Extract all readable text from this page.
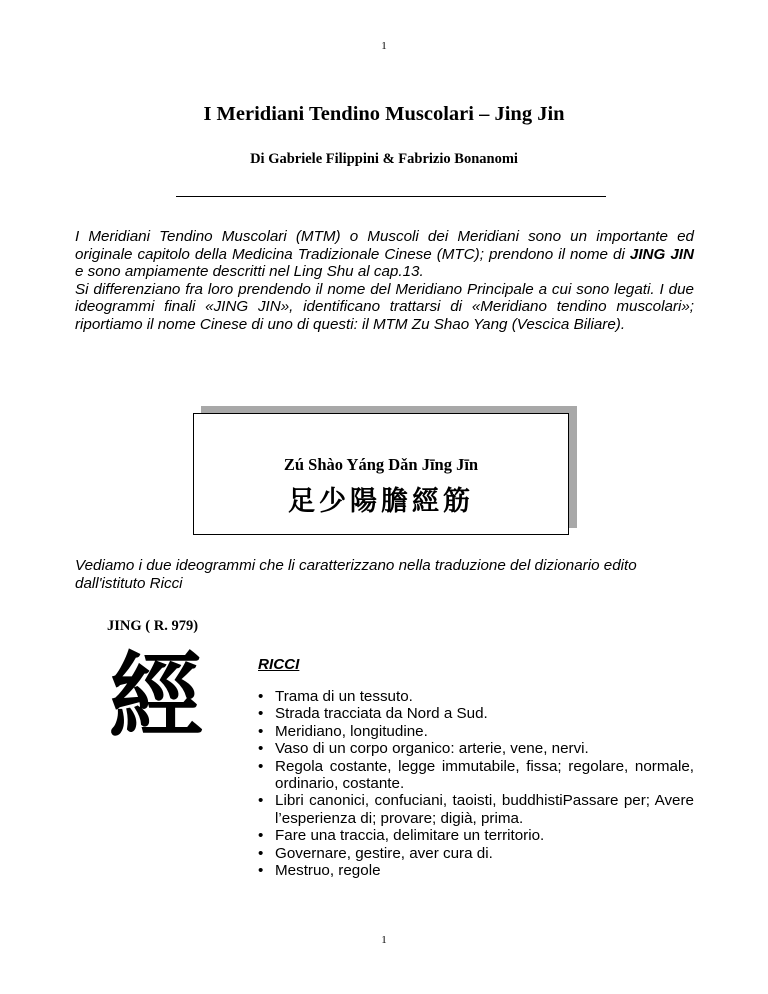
1
I Meridiani Tendino Muscolari – Jing Jin
Di Gabriele Filippini & Fabrizio Bonanomi

I Meridiani Tendino Muscolari (MTM) o Muscoli dei Meridiani sono un importante ed originale capitolo della Medicina Tradizionale Cinese (MTC); prendono il nome di JING JIN e sono ampiamente descritti nel Ling Shu al cap.13.

Si differenziano fra loro prendendo il nome del Meridiano Principale a cui sono legati. I due ideogrammi finali «JING JIN», identificano trattarsi di «Meridiano tendino muscolari»; riportiamo il nome Cinese di uno di questi: il MTM Zu Shao Yang (Vescica Biliare).

Zú Shào Yáng Dǎn Jīng Jīn
足少陽膽經筋
Vediamo i due ideogrammi che li caratterizzano nella traduzione del dizionario edito dall'istituto Ricci
JING ( R. 979)
經	RICCI
• Trama di un tessuto.
• Strada tracciata da Nord a Sud.
• Meridiano, longitudine.
• Vaso di un corpo organico: arterie, vene, nervi.
• Regola costante, legge immutabile, fissa; regolare, normale, ordinario, costante.
• Libri canonici, confuciani, taoisti, buddhistiPassare per; Avere l’esperienza di; provare; digià, prima.
• Fare una traccia, delimitare un territorio.
• Governare, gestire, aver cura di.
• Mestruo, regole
1
